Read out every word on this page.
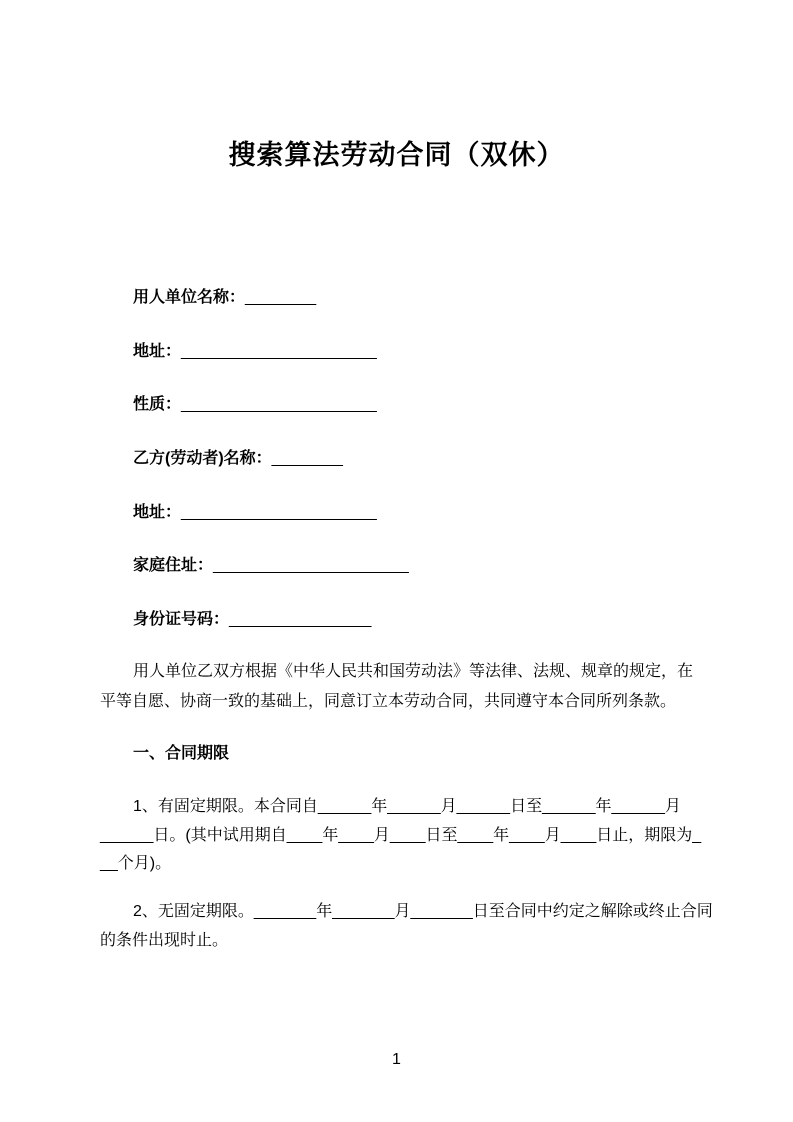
搜索算法劳动合同（双休）
用人单位名称：________
地址：______________________
性质：______________________
乙方(劳动者)名称：________
地址：______________________
家庭住址：______________________
身份证号码：________________
用人单位乙双方根据《中华人民共和国劳动法》等法律、法规、规章的规定，在
平等自愿、协商一致的基础上，同意订立本劳动合同，共同遵守本合同所列条款。
一、合同期限
1、有固定期限。本合同自______年______月______日至______年______月
______日。(其中试用期自____年____月____日至____年____月____日止，期限为_
__个月)。
2、无固定期限。_______年_______月_______日至合同中约定之解除或终止合同
的条件出现时止。
1
